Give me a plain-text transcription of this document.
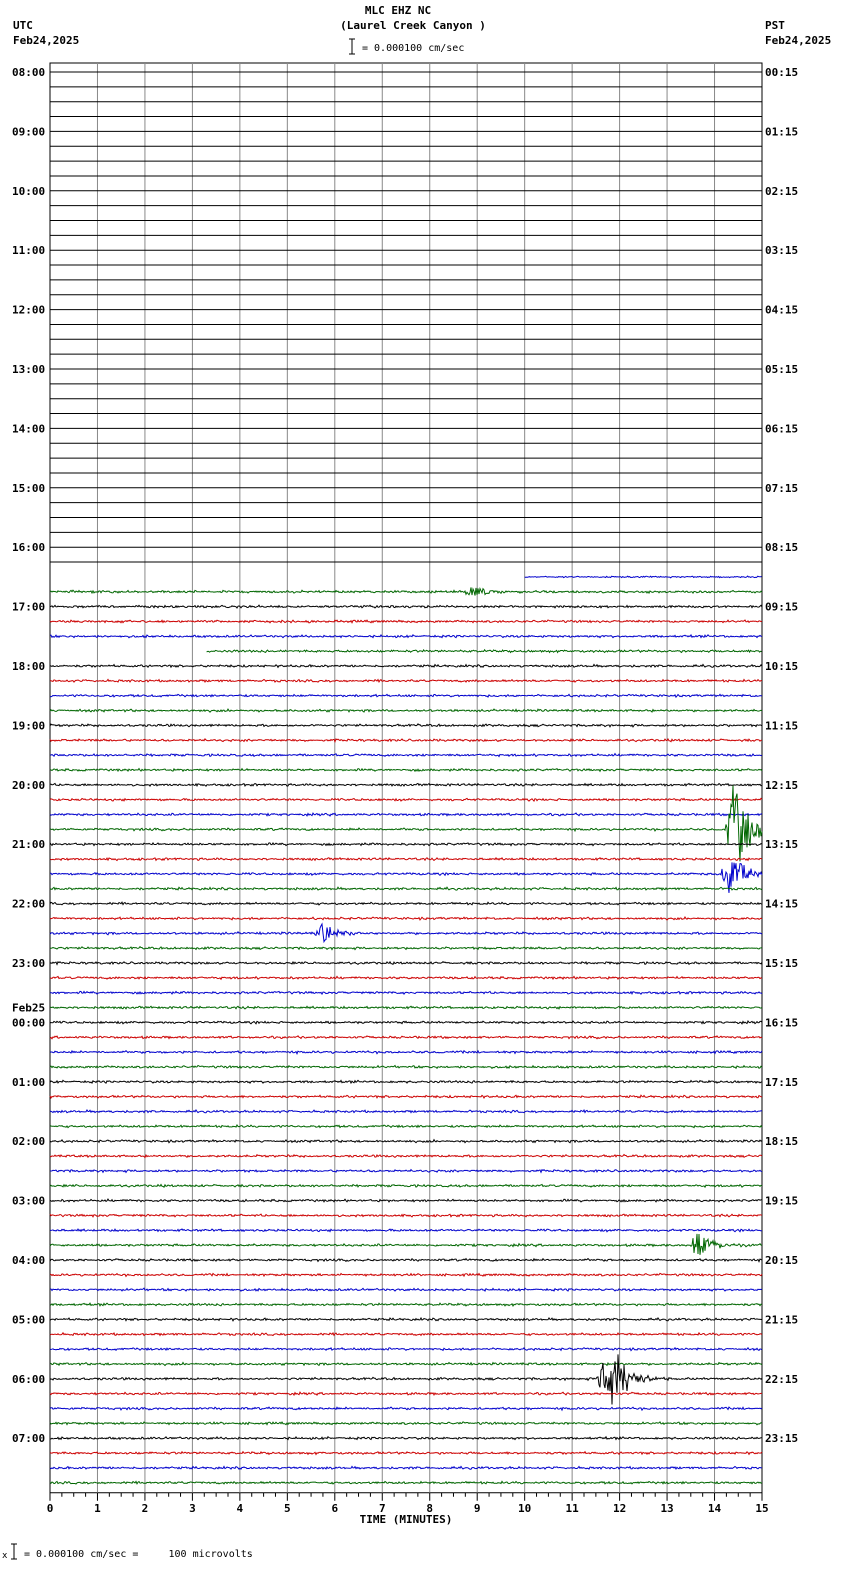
MLC EHZ NC
(Laurel Creek Canyon )
UTC
Feb24,2025
PST
Feb24,2025
= 0.000100 cm/sec
08:00	00:15
09:00	01:15
10:00	02:15
11:00	03:15
12:00	04:15
13:00	05:15
14:00	06:15
15:00	07:15
16:00	08:15
17:00	09:15
18:00	10:15
19:00	11:15
20:00	12:15
21:00	13:15
22:00	14:15
23:00	15:15
00:00	16:15
01:00	17:15
02:00	18:15
03:00	19:15
04:00	20:15
05:00	21:15
06:00	22:15
07:00	23:15
Feb25
0	1	2	3	4	5	6	7	8	9	10	11	12	13	14	15
TIME (MINUTES)
x = 0.000100 cm/sec =     100 microvolts
